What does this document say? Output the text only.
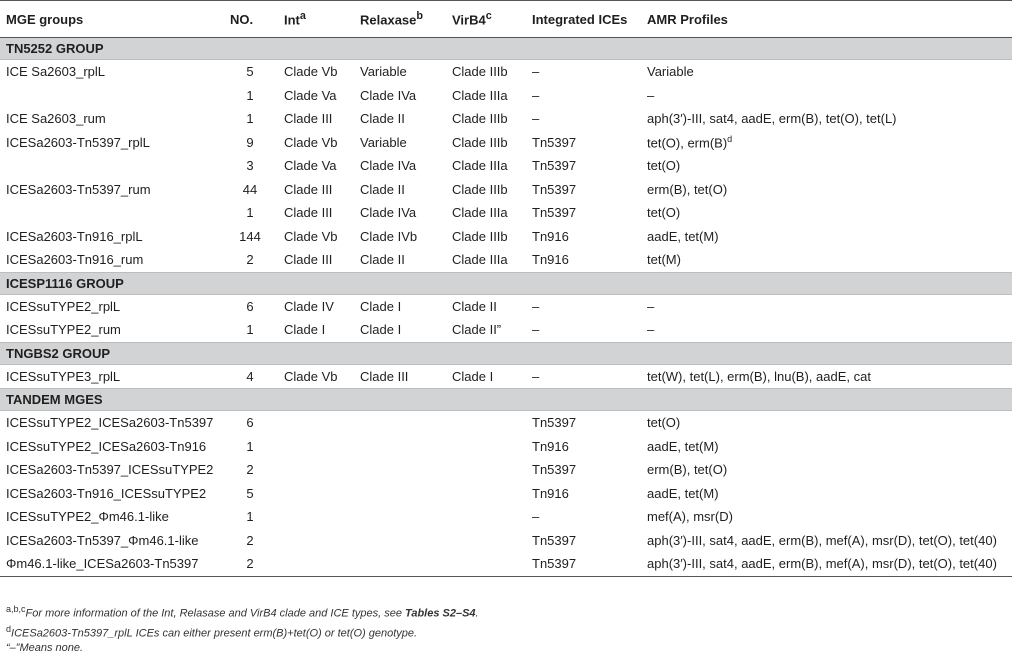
MGE groups	NO.	Int$^a$	Relaxase$^b$	VirB4$^c$	Integrated ICEs	AMR Profiles
TN5252 GROUP						
ICE Sa2603_rplL	5	Clade Vb	Variable	Clade IIIb	–	Variable
	1	Clade Va	Clade IVa	Clade IIIa	–	–
ICE Sa2603_rum	1	Clade III	Clade II	Clade IIIb	–	aph(3′)-III, sat4, aadE, erm(B), tet(O), tet(L)
ICESa2603-Tn5397_rplL	9	Clade Vb	Variable	Clade IIIb	Tn5397	tet(O), $erm(B)^d$
	3	Clade Va	Clade IVa	Clade IIIa	Tn5397	tet(O)
ICESa2603-Tn5397_rum	44	Clade III	Clade II	Clade IIIb	Tn5397	erm(B), tet(O)
	1	Clade III	Clade IVa	Clade IIIa	Tn5397	tet(O)
ICESa2603-Tn916_rplL	144	Clade Vb	Clade IVb	Clade IIIb	Tn916	aadE, tet(M)
ICESa2603-Tn916_rum	2	Clade III	Clade II	Clade IIIa	Tn916	tet(M)
ICESP1116 GROUP						
ICESsuTYPE2_rplL	6	Clade IV	Clade I	Clade II	–	–
ICESsuTYPE2_rum	1	Clade I	Clade I	Clade II”	–	–
TNGBS2 GROUP						
ICESsuTYPE3_rplL	4	Clade Vb	Clade III	Clade I	–	tet(W), tet(L), erm(B), lnu(B), aadE, cat
TANDEM MGES						
ICESsuTYPE2_ICESa2603-Tn5397	6				Tn5397	tet(O)
ICESsuTYPE2_ICESa2603-Tn916	1				Tn916	aadE, tet(M)
ICESa2603-Tn5397_ICESsuTYPE2	2				Tn5397	erm(B), tet(O)
ICESa2603-Tn916_ICESsuTYPE2	5				Tn916	aadE, tet(M)
ICESsuTYPE2_Φm46.1-like	1				–	mef(A), msr(D)
ICESa2603-Tn5397_Φm46.1-like	2				Tn5397	aph(3′)-III, sat4, aadE, erm(B), mef(A), msr(D), tet(O), tet(40)
Φm46.1-like_ICESa2603-Tn5397	2				Tn5397	aph(3′)-III, sat4, aadE, erm(B), mef(A), msr(D), tet(O), tet(40)
$^{a,b,c}$For more information of the Int, Relasase and VirB4 clade and ICE types, see Tables S2–S4.
$^d$ICESa2603-Tn5397_rplL ICEs can either present erm(B)+tet(O) or tet(O) genotype.
“–”Means none.
